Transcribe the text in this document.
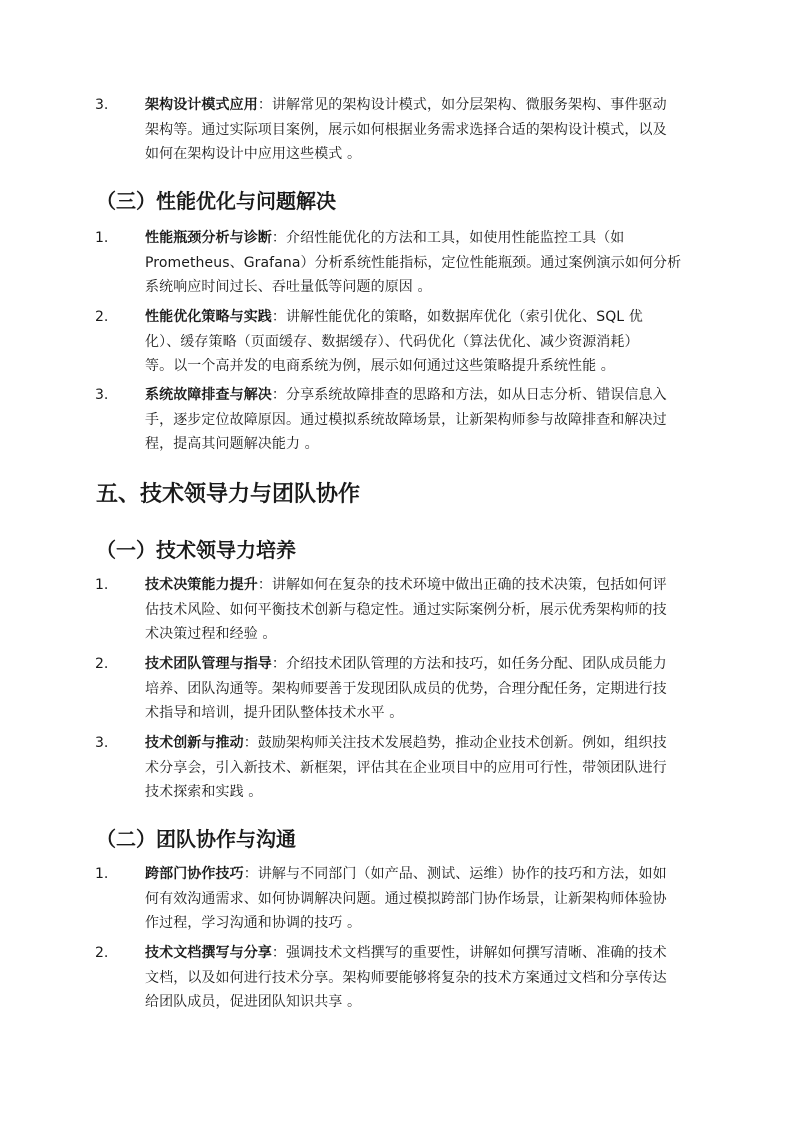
3.	架构设计模式应用：讲解常见的架构设计模式，如分层架构、微服务架构、事件驱动
架构等。通过实际项目案例，展示如何根据业务需求选择合适的架构设计模式，以及
如何在架构设计中应用这些模式 。
（三）性能优化与问题解决
1.	性能瓶颈分析与诊断：介绍性能优化的方法和工具，如使用性能监控工具（如
Prometheus、Grafana）分析系统性能指标，定位性能瓶颈。通过案例演示如何分析
系统响应时间过长、吞吐量低等问题的原因 。
2.	性能优化策略与实践：讲解性能优化的策略，如数据库优化（索引优化、SQL 优
化）、缓存策略（页面缓存、数据缓存）、代码优化（算法优化、减少资源消耗）
等。以一个高并发的电商系统为例，展示如何通过这些策略提升系统性能 。
3.	系统故障排查与解决：分享系统故障排查的思路和方法，如从日志分析、错误信息入
手，逐步定位故障原因。通过模拟系统故障场景，让新架构师参与故障排查和解决过
程，提高其问题解决能力 。
五、技术领导力与团队协作
（一）技术领导力培养
1.	技术决策能力提升：讲解如何在复杂的技术环境中做出正确的技术决策，包括如何评
估技术风险、如何平衡技术创新与稳定性。通过实际案例分析，展示优秀架构师的技
术决策过程和经验 。
2.	技术团队管理与指导：介绍技术团队管理的方法和技巧，如任务分配、团队成员能力
培养、团队沟通等。架构师要善于发现团队成员的优势，合理分配任务，定期进行技
术指导和培训，提升团队整体技术水平 。
3.	技术创新与推动：鼓励架构师关注技术发展趋势，推动企业技术创新。例如，组织技
术分享会，引入新技术、新框架，评估其在企业项目中的应用可行性，带领团队进行
技术探索和实践 。
（二）团队协作与沟通
1.	跨部门协作技巧：讲解与不同部门（如产品、测试、运维）协作的技巧和方法，如如
何有效沟通需求、如何协调解决问题。通过模拟跨部门协作场景，让新架构师体验协
作过程，学习沟通和协调的技巧 。
2.	技术文档撰写与分享：强调技术文档撰写的重要性，讲解如何撰写清晰、准确的技术
文档，以及如何进行技术分享。架构师要能够将复杂的技术方案通过文档和分享传达
给团队成员，促进团队知识共享 。
